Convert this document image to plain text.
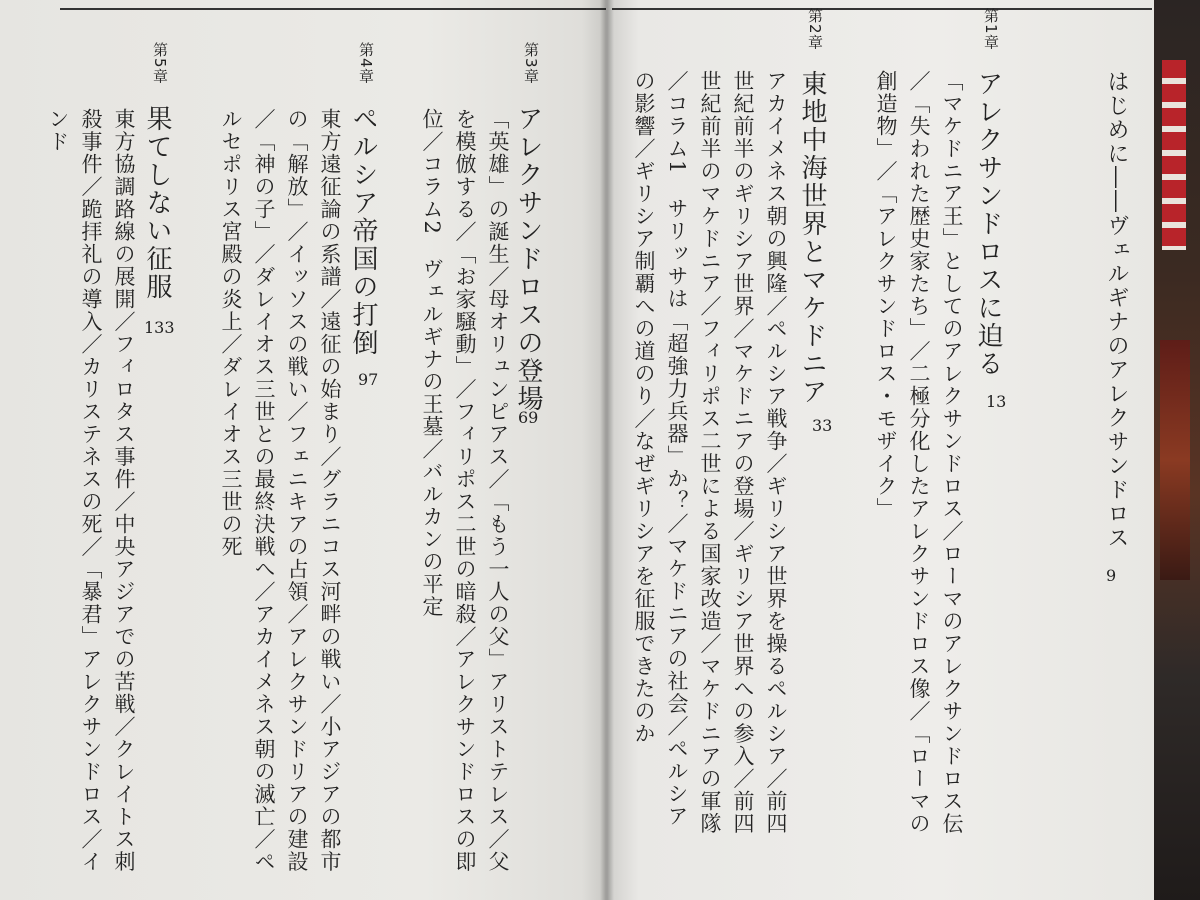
第3章
アレクサンドロスの登場
69
「英雄」の誕生／母オリュンピアス／「もう一人の父」アリストテレス／父を模倣する／「お家騒動」／フィリポス二世の暗殺／アレクサンドロスの即位／コラム2　ヴェルギナの王墓／バルカンの平定
第4章
ペルシア帝国の打倒
97
東方遠征論の系譜／遠征の始まり／グラニコス河畔の戦い／小アジアの都市の「解放」／イッソスの戦い／フェニキアの占領／アレクサンドリアの建設／「神の子」／ダレイオス三世との最終決戦へ／アカイメネス朝の滅亡／ペルセポリス宮殿の炎上／ダレイオス三世の死
第5章
果てしない征服
133
東方協調路線の展開／フィロタス事件／中央アジアでの苦戦／クレイトス刺殺事件／跪拝礼の導入／カリステネスの死／「暴君」アレクサンドロス／インド	はじめに――ヴェルギナのアレクサンドロス
9
第1章
アレクサンドロスに迫る
13
「マケドニア王」としてのアレクサンドロス／ローマのアレクサンドロス伝／「失われた歴史家たち」／二極分化したアレクサンドロス像／「ローマの創造物」／「アレクサンドロス・モザイク」
第2章
東地中海世界とマケドニア
33
アカイメネス朝の興隆／ペルシア戦争／ギリシア世界を操るペルシア／前四世紀前半のギリシア世界／マケドニアの登場／ギリシア世界への参入／前四世紀前半のマケドニア／フィリポス二世による国家改造／マケドニアの軍隊／コラム1　サリッサは「超強力兵器」か？／マケドニアの社会／ペルシアの影響／ギリシア制覇への道のり／なぜギリシアを征服できたのか
